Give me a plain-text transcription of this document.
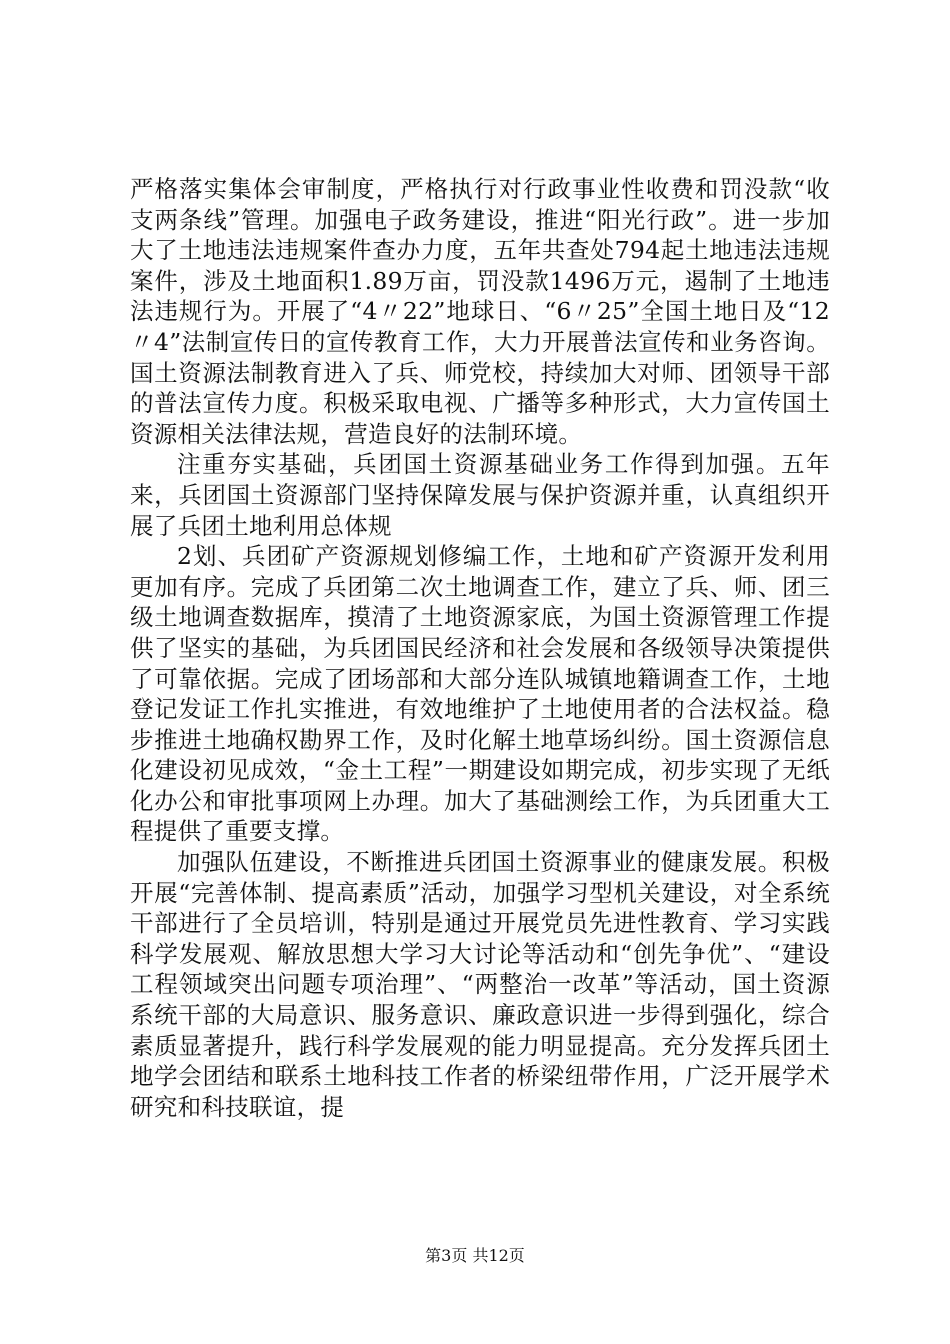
严格落实集体会审制度，严格执行对行政事业性收费和罚没款“收支两条线”管理。加强电子政务建设，推进“阳光行政”。进一步加大了土地违法违规案件查办力度，五年共查处794起土地违法违规案件，涉及土地面积1.89万亩，罚没款1496万元，遏制了土地违法违规行为。开展了“4〃22”地球日、“6〃25”全国土地日及“12〃4”法制宣传日的宣传教育工作，大力开展普法宣传和业务咨询。国土资源法制教育进入了兵、师党校，持续加大对师、团领导干部的普法宣传力度。积极采取电视、广播等多种形式，大力宣传国土资源相关法律法规，营造良好的法制环境。

注重夯实基础，兵团国土资源基础业务工作得到加强。五年来，兵团国土资源部门坚持保障发展与保护资源并重，认真组织开展了兵团土地利用总体规

2划、兵团矿产资源规划修编工作，土地和矿产资源开发利用更加有序。完成了兵团第二次土地调查工作，建立了兵、师、团三级土地调查数据库，摸清了土地资源家底，为国土资源管理工作提供了坚实的基础，为兵团国民经济和社会发展和各级领导决策提供了可靠依据。完成了团场部和大部分连队城镇地籍调查工作，土地登记发证工作扎实推进，有效地维护了土地使用者的合法权益。稳步推进土地确权勘界工作，及时化解土地草场纠纷。国土资源信息化建设初见成效，“金土工程”一期建设如期完成，初步实现了无纸化办公和审批事项网上办理。加大了基础测绘工作，为兵团重大工程提供了重要支撑。

加强队伍建设，不断推进兵团国土资源事业的健康发展。积极开展“完善体制、提高素质”活动，加强学习型机关建设，对全系统干部进行了全员培训，特别是通过开展党员先进性教育、学习实践科学发展观、解放思想大学习大讨论等活动和“创先争优”、“建设工程领域突出问题专项治理”、“两整治一改革”等活动，国土资源系统干部的大局意识、服务意识、廉政意识进一步得到强化，综合素质显著提升，践行科学发展观的能力明显提高。充分发挥兵团土地学会团结和联系土地科技工作者的桥梁纽带作用，广泛开展学术研究和科技联谊，提

第3页 共12页
